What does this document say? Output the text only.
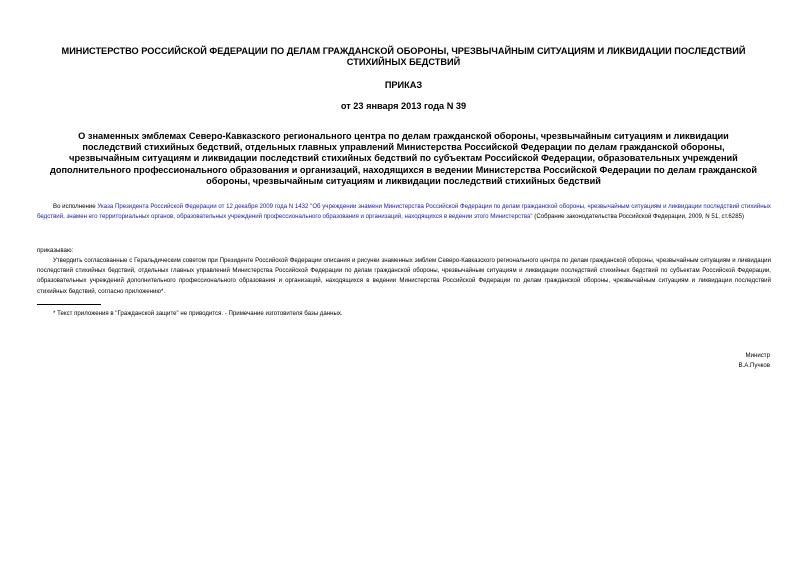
МИНИСТЕРСТВО РОССИЙСКОЙ ФЕДЕРАЦИИ ПО ДЕЛАМ ГРАЖДАНСКОЙ ОБОРОНЫ, ЧРЕЗВЫЧАЙНЫМ СИТУАЦИЯМ И ЛИКВИДАЦИИ ПОСЛЕДСТВИЙ СТИХИЙНЫХ БЕДСТВИЙ
ПРИКАЗ
от 23 января 2013 года N 39
О знаменных эмблемах Северо-Кавказского регионального центра по делам гражданской обороны, чрезвычайным ситуациям и ликвидации последствий стихийных бедствий, отдельных главных управлений Министерства Российской Федерации по делам гражданской обороны, чрезвычайным ситуациям и ликвидации последствий стихийных бедствий по субъектам Российской Федерации, образовательных учреждений дополнительного профессионального образования и организаций, находящихся в ведении Министерства Российской Федерации по делам гражданской обороны, чрезвычайным ситуациям и ликвидации последствий стихийных бедствий
Во исполнение Указа Президента Российской Федерации от 12 декабря 2009 года N 1432 "Об учреждении знамени Министерства Российской Федерации по делам гражданской обороны, чрезвычайным ситуациям и ликвидации последствий стихийных бедствий, знамен его территориальных органов, образовательных учреждений профессионального образования и организаций, находящихся в ведении этого Министерства" (Собрание законодательства Российской Федерации, 2009, N 51, ст.6285)
приказываю:
Утвердить согласованные с Геральдическим советом при Президенте Российской Федерации описания и рисунки знаменных эмблем Северо-Кавказского регионального центра по делам гражданской обороны, чрезвычайным ситуациям и ликвидации последствий стихийных бедствий, отдельных главных управлений Министерства Российской Федерации по делам гражданской обороны, чрезвычайным ситуациям и ликвидации последствий стихийных бедствий по субъектам Российской Федерации, образовательных учреждений дополнительного профессионального образования и организаций, находящихся в ведении Министерства Российской Федерации по делам гражданской обороны, чрезвычайным ситуациям и ликвидации последствий стихийных бедствий, согласно приложению*.
* Текст приложения в "Гражданской защите" не приводится. - Примечание изготовителя базы данных.
Министр
В.А.Пучков
